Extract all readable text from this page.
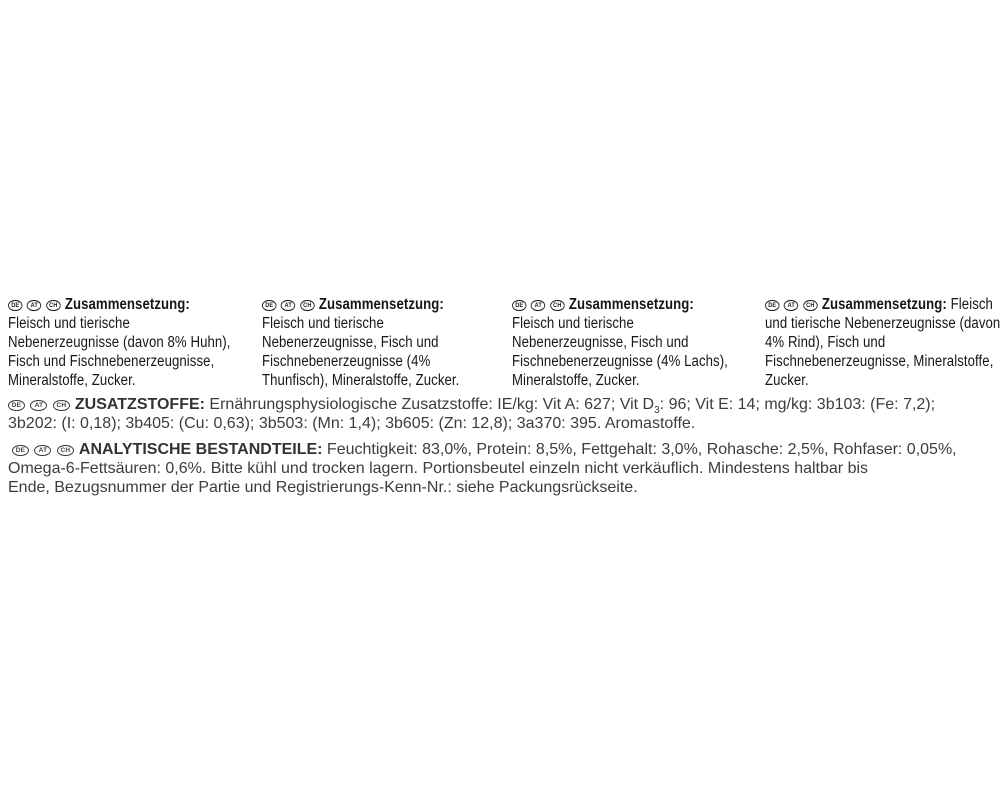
DE AT CH Zusammensetzung: Fleisch und tierische Nebenerzeugnisse (davon 8% Huhn), Fisch und Fischnebenerzeugnisse, Mineralstoffe, Zucker.
DE AT CH Zusammensetzung: Fleisch und tierische Nebenerzeugnisse, Fisch und Fischnebenerzeugnisse (4% Thunfisch), Mineralstoffe, Zucker.
DE AT CH Zusammensetzung: Fleisch und tierische Nebenerzeugnisse, Fisch und Fischnebenerzeugnisse (4% Lachs), Mineralstoffe, Zucker.
DE AT CH Zusammensetzung: Fleisch und tierische Nebenerzeugnisse (davon 4% Rind), Fisch und Fischnebenerzeugnisse, Mineralstoffe, Zucker.
DE AT CH ZUSATZSTOFFE: Ernährungsphysiologische Zusatzstoffe: IE/kg: Vit A: 627; Vit $D_3$: 96; Vit E: 14; mg/kg: 3b103: (Fe: 7,2);
3b202: (I: 0,18); 3b405: (Cu: 0,63); 3b503: (Mn: 1,4); 3b605: (Zn: 12,8); 3a370: 395. Aromastoffe.
DE AT CH ANALYTISCHE BESTANDTEILE: Feuchtigkeit: 83,0%, Protein: 8,5%, Fettgehalt: 3,0%, Rohasche: 2,5%, Rohfaser: 0,05%,
Omega-6-Fettsäuren: 0,6%. Bitte kühl und trocken lagern. Portionsbeutel einzeln nicht verkäuflich. Mindestens haltbar bis
Ende, Bezugsnummer der Partie und Registrierungs-Kenn-Nr.: siehe Packungsrückseite.
